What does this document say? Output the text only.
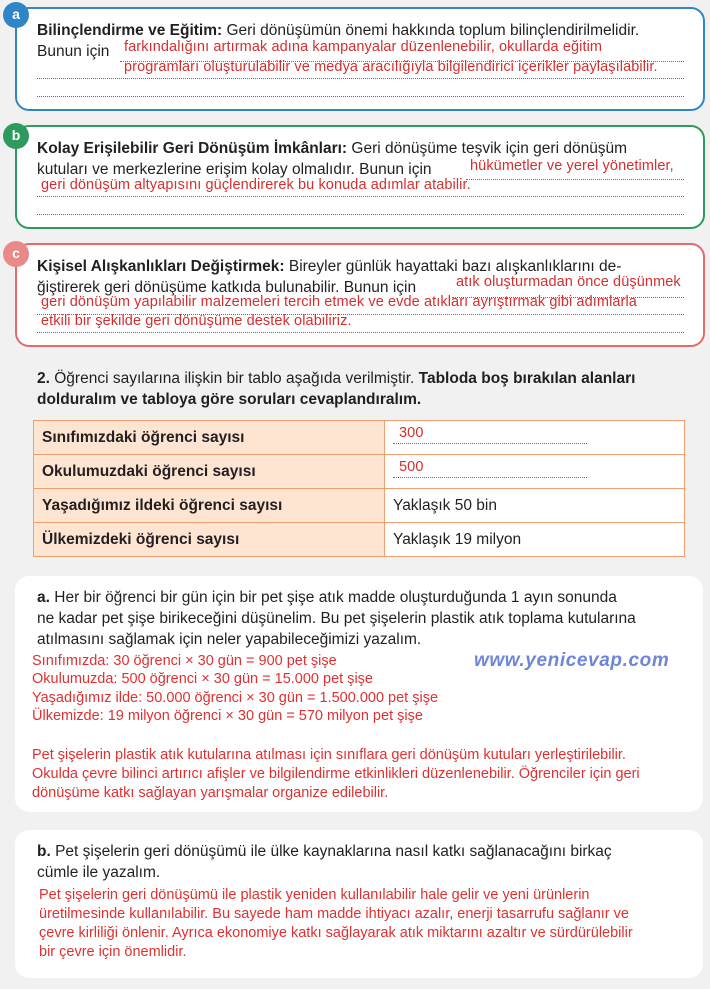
a
Bilinçlendirme ve Eğitim: Geri dönüşümün önemi hakkında toplum bilinçlendirilmelidir.
Bunun için farkındalığını artırmak adına kampanyalar düzenlenebilir, okullarda eğitim
programları oluşturulabilir ve medya aracılığıyla bilgilendirici içerikler paylaşılabilir.
b
Kolay Erişilebilir Geri Dönüşüm İmkânları: Geri dönüşüme teşvik için geri dönüşüm
kutuları ve merkezlerine erişim kolay olmalıdır. Bunun için	hükümetler ve yerel yönetimler,
geri dönüşüm altyapısını güçlendirerek bu konuda adımlar atabilir.
c
Kişisel Alışkanlıkları Değiştirmek: Bireyler günlük hayattaki bazı alışkanlıklarını de-
ğiştirerek geri dönüşüme katkıda bulunabilir. Bunun için	atık oluşturmadan önce düşünmek
geri dönüşüm yapılabilir malzemeleri tercih etmek ve evde atıkları ayrıştırmak gibi adımlarla
etkili bir şekilde geri dönüşüme destek olabiliriz.
2. Öğrenci sayılarına ilişkin bir tablo aşağıda verilmiştir. Tabloda boş bırakılan alanları
dolduralım ve tabloya göre soruları cevaplandıralım.
Sınıfımızdaki öğrenci sayısı	300

Okulumuzdaki öğrenci sayısı	500

Yaşadığımız ildeki öğrenci sayısı	Yaklaşık 50 bin
Ülkemizdeki öğrenci sayısı	Yaklaşık 19 milyon
a. Her bir öğrenci bir gün için bir pet şişe atık madde oluşturduğunda 1 ayın sonunda
ne kadar pet şişe birikeceğini düşünelim. Bu pet şişelerin plastik atık toplama kutularına
atılmasını sağlamak için neler yapabileceğimizi yazalım.
www.yenicevap.com
Sınıfımızda: 30 öğrenci × 30 gün = 900 pet şişe
Okulumuzda: 500 öğrenci × 30 gün = 15.000 pet şişe
Yaşadığımız ilde: 50.000 öğrenci × 30 gün = 1.500.000 pet şişe
Ülkemizde: 19 milyon öğrenci × 30 gün = 570 milyon pet şişe
Pet şişelerin plastik atık kutularına atılması için sınıflara geri dönüşüm kutuları yerleştirilebilir.
Okulda çevre bilinci artırıcı afişler ve bilgilendirme etkinlikleri düzenlenebilir. Öğrenciler için geri
dönüşüme katkı sağlayan yarışmalar organize edilebilir.
b. Pet şişelerin geri dönüşümü ile ülke kaynaklarına nasıl katkı sağlanacağını birkaç
cümle ile yazalım.
Pet şişelerin geri dönüşümü ile plastik yeniden kullanılabilir hale gelir ve yeni ürünlerin
üretilmesinde kullanılabilir. Bu sayede ham madde ihtiyacı azalır, enerji tasarrufu sağlanır ve
çevre kirliliği önlenir. Ayrıca ekonomiye katkı sağlayarak atık miktarını azaltır ve sürdürülebilir
bir çevre için önemlidir.
